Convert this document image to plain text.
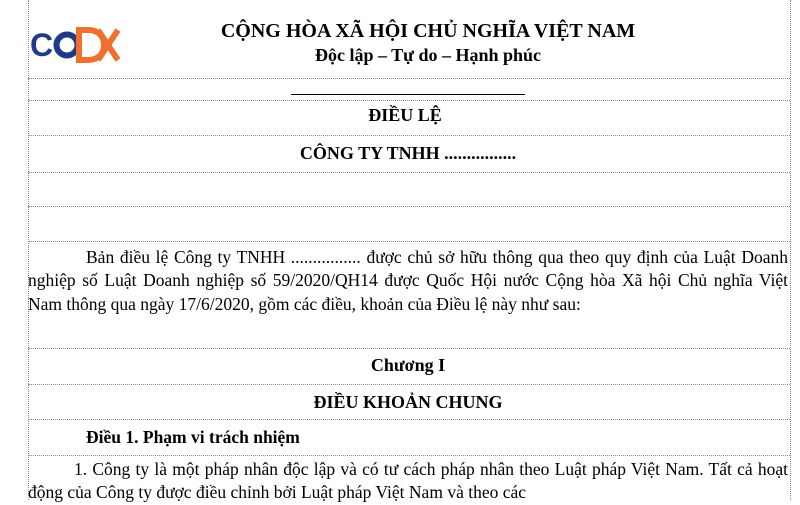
C	CỘNG HÒA XÃ HỘI CHỦ NGHĨA VIỆT NAM
Độc lập – Tự do – Hạnh phúc
ĐIỀU LỆ
CÔNG TY TNHH ................
Bản điều lệ Công ty TNHH ................ được chủ sở hữu thông qua theo quy định của Luật Doanh nghiệp số Luật Doanh nghiệp số 59/2020/QH14 được Quốc Hội nước Cộng hòa Xã hội Chủ nghĩa Việt Nam thông qua ngày 17/6/2020, gồm các điều, khoản của Điều lệ này như sau:
Chương I
ĐIỀU KHOẢN CHUNG
Điều 1. Phạm vi trách nhiệm
1. Công ty là một pháp nhân độc lập và có tư cách pháp nhân theo Luật pháp Việt Nam. Tất cả hoạt động của Công ty được điều chỉnh bởi Luật pháp Việt Nam và theo các
